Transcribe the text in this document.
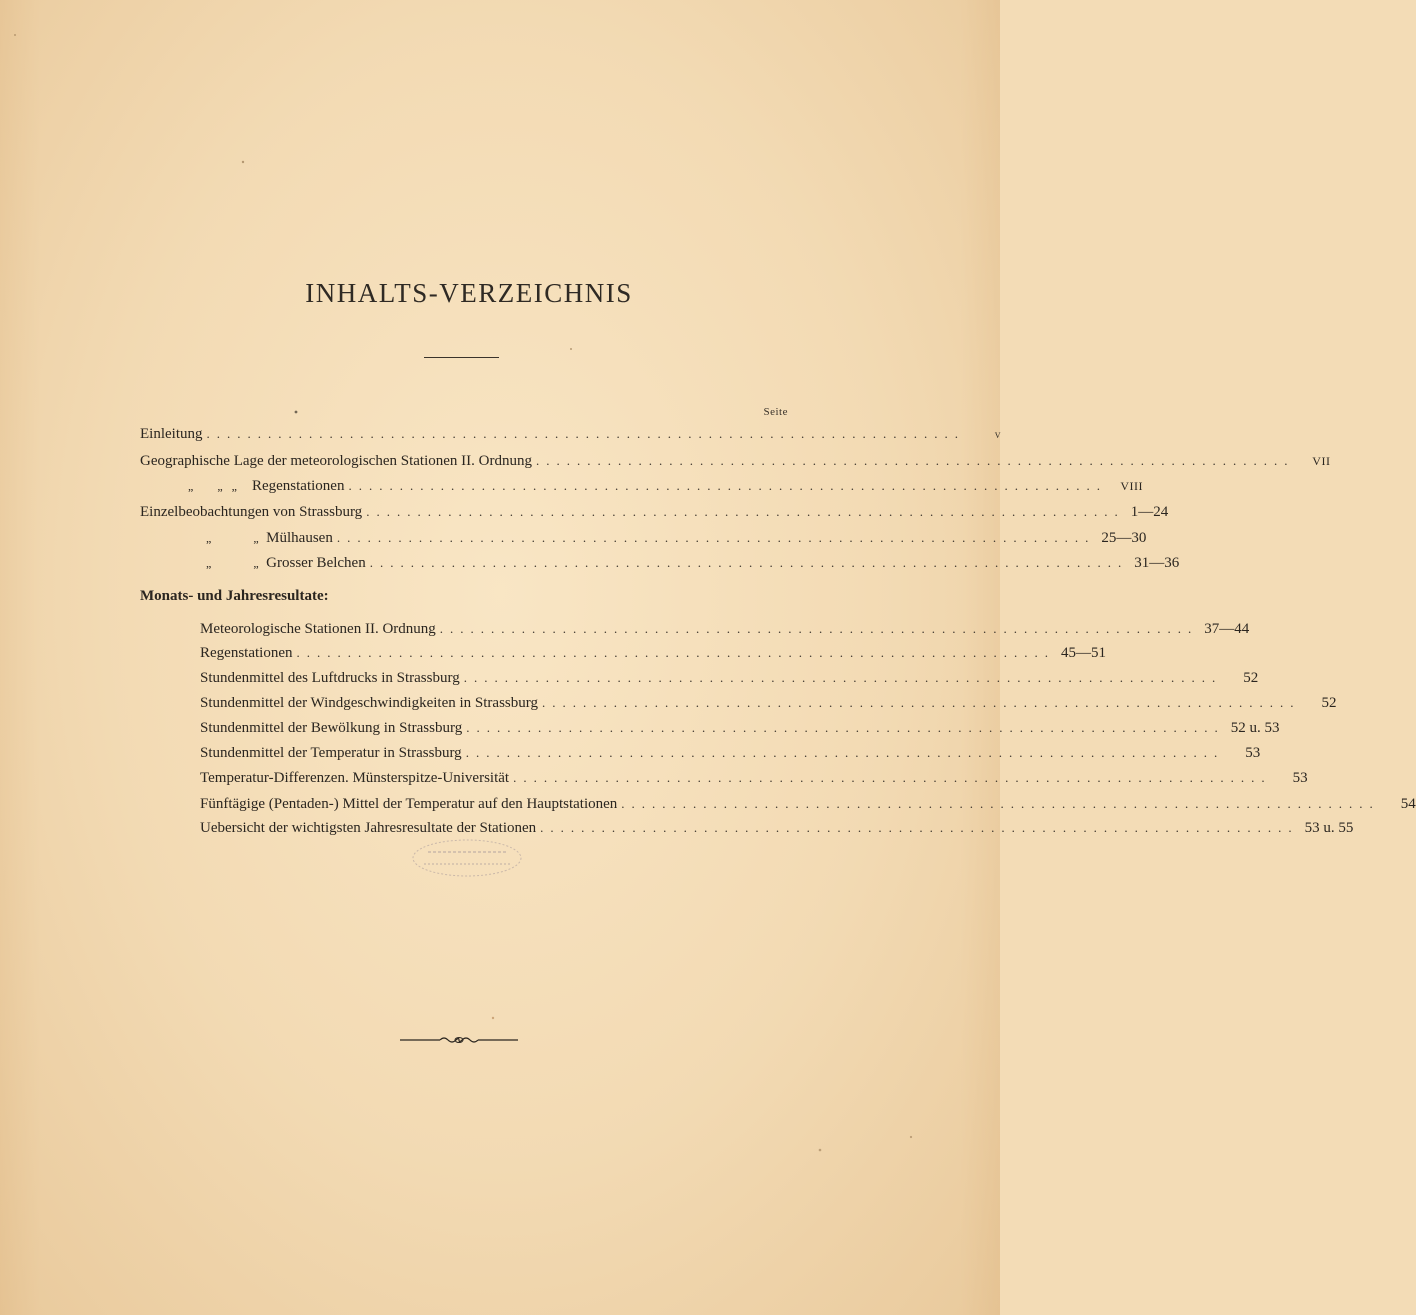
INHALTS-VERZEICHNIS
Seite
Einleitung ..........................................................................	v
Geographische Lage der meteorologischen Stationen II. Ordnung ..........................................................................	VII
„        „   „ Regenstationen ..........................................................................	VIII
Einzelbeobachtungen von Strassburg .......................................................................... 1—24
„              „ Mülhausen .......................................................................... 25—30
„              „ Grosser Belchen .......................................................................... 31—36
Monats- und Jahresresultate:
Meteorologische Stationen II. Ordnung .......................................................................... 37—44
Regenstationen .......................................................................... 45—51
Stundenmittel des Luftdrucks in Strassburg ..........................................................................	52
Stundenmittel der Windgeschwindigkeiten in Strassburg ..........................................................................	52
Stundenmittel der Bewölkung in Strassburg .......................................................................... 52 u. 53
Stundenmittel der Temperatur in Strassburg ..........................................................................	53
Temperatur-Differenzen. Münsterspitze-Universität ..........................................................................	53
Fünftägige (Pentaden-) Mittel der Temperatur auf den Hauptstationen ..........................................................................	54
Uebersicht der wichtigsten Jahresresultate der Stationen .......................................................................... 53 u. 55
